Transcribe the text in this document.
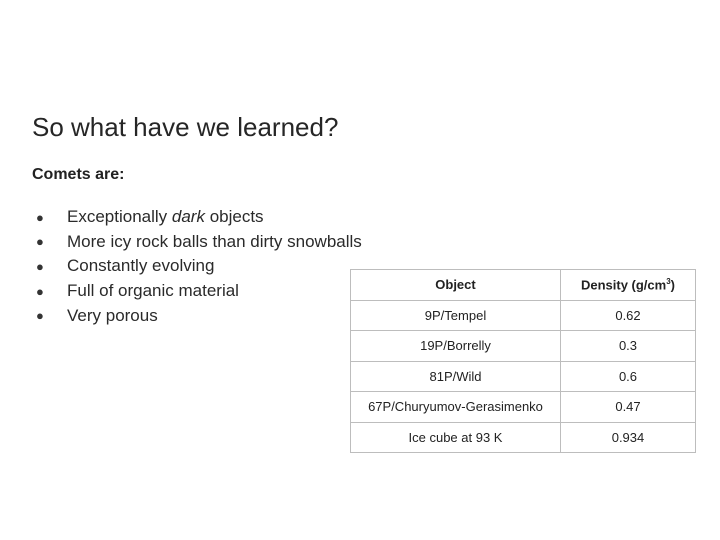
So what have we learned?
Comets are:
●	Exceptionally dark objects
●	More icy rock balls than dirty snowballs
●	Constantly evolving
●	Full of organic material
●	Very porous
Object	Density $(g/cm^3)$
9P/Tempel	0.62
19P/Borrelly	0.3
81P/Wild	0.6
67P/Churyumov-Gerasimenko	0.47
Ice cube at 93 K	0.934
